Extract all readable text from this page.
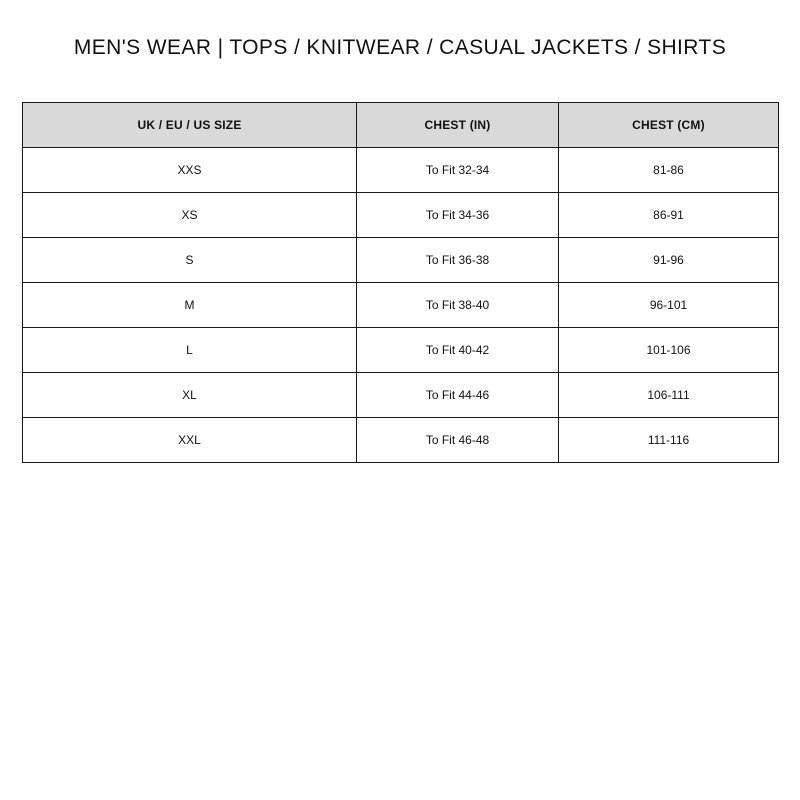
MEN'S WEAR | TOPS / KNITWEAR / CASUAL JACKETS / SHIRTS
UK / EU / US SIZE	CHEST (IN)	CHEST (CM)
XXS	To Fit 32-34	81-86
XS	To Fit 34-36	86-91
S	To Fit 36-38	91-96
M	To Fit 38-40	96-101
L	To Fit 40-42	101-106
XL	To Fit 44-46	106-111
XXL	To Fit 46-48	111-116
